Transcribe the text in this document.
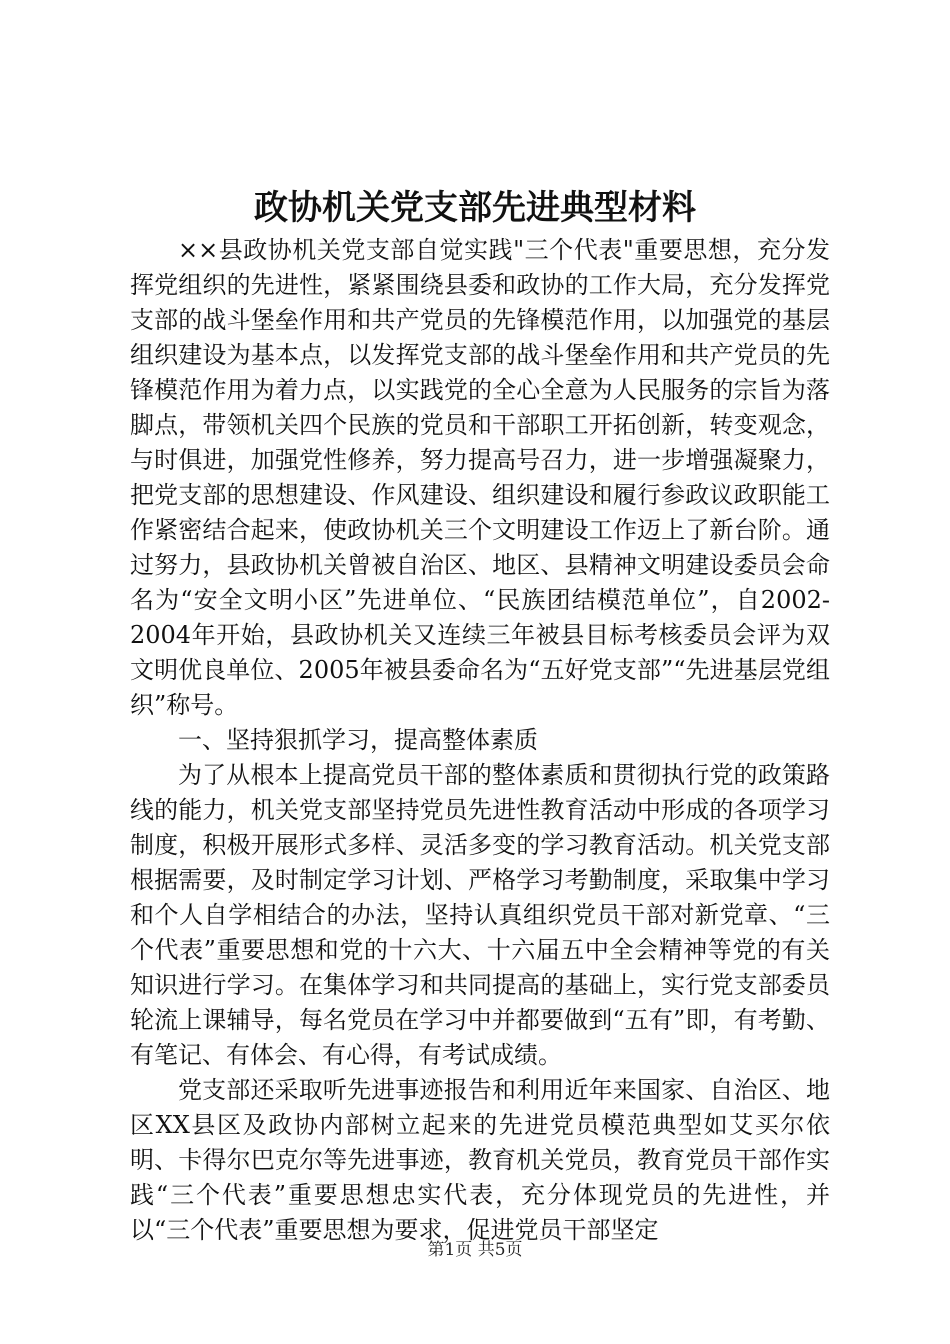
政协机关党支部先进典型材料

××县政协机关党支部自觉实践"三个代表"重要思想，充分发挥党组织的先进性，紧紧围绕县委和政协的工作大局，充分发挥党支部的战斗堡垒作用和共产党员的先锋模范作用，以加强党的基层组织建设为基本点，以发挥党支部的战斗堡垒作用和共产党员的先锋模范作用为着力点，以实践党的全心全意为人民服务的宗旨为落脚点，带领机关四个民族的党员和干部职工开拓创新，转变观念，与时俱进，加强党性修养，努力提高号召力，进一步增强凝聚力，把党支部的思想建设、作风建设、组织建设和履行参政议政职能工作紧密结合起来，使政协机关三个文明建设工作迈上了新台阶。通过努力，县政协机关曾被自治区、地区、县精神文明建设委员会命名为“安全文明小区”先进单位、“民族团结模范单位”，自2002-2004年开始，县政协机关又连续三年被县目标考核委员会评为双文明优良单位、2005年被县委命名为“五好党支部”“先进基层党组织”称号。

一、坚持狠抓学习，提高整体素质

为了从根本上提高党员干部的整体素质和贯彻执行党的政策路线的能力，机关党支部坚持党员先进性教育活动中形成的各项学习制度，积极开展形式多样、灵活多变的学习教育活动。机关党支部根据需要，及时制定学习计划、严格学习考勤制度，采取集中学习和个人自学相结合的办法，坚持认真组织党员干部对新党章、“三个代表”重要思想和党的十六大、十六届五中全会精神等党的有关知识进行学习。在集体学习和共同提高的基础上，实行党支部委员轮流上课辅导，每名党员在学习中并都要做到“五有”即，有考勤、有笔记、有体会、有心得，有考试成绩。

党支部还采取听先进事迹报告和利用近年来国家、自治区、地区XX县区及政协内部树立起来的先进党员模范典型如艾买尔依明、卡得尔巴克尔等先进事迹，教育机关党员，教育党员干部作实践“三个代表”重要思想忠实代表，充分体现党员的先进性，并以“三个代表”重要思想为要求，促进党员干部坚定

第1页 共5页
